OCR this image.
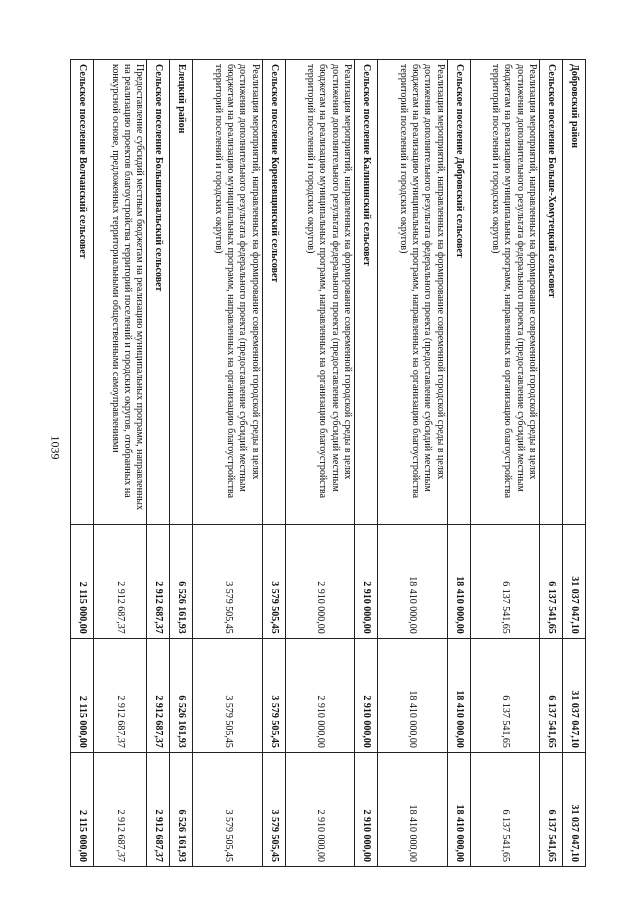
1039
Добровский район	31 037 047,10	31 037 047,10	31 037 047,10
Сельское поселение Больше-Хомутецкий сельсовет	6 137 541,65	6 137 541,65	6 137 541,65
Реализация мероприятий, направленных на формирование современной городской среды в целях достижения дополнительного результата федерального проекта (предоставление субсидий местным бюджетам на реализацию муниципальных программ, направленных на организацию благоустройства территорий поселений и городских округов)	6 137 541,65	6 137 541,65	6 137 541,65
Сельское поселение Добровский сельсовет	18 410 000,00	18 410 000,00	18 410 000,00
Реализация мероприятий, направленных на формирование современной городской среды в целях достижения дополнительного результата федерального проекта (предоставление субсидий местным бюджетам на реализацию муниципальных программ, направленных на организацию благоустройства территорий поселений и городских округов)	18 410 000,00	18 410 000,00	18 410 000,00
Сельское поселение Калининский сельсовет	2 910 000,00	2 910 000,00	2 910 000,00
Реализация мероприятий, направленных на формирование современной городской среды в целях достижения дополнительного результата федерального проекта (предоставление субсидий местным бюджетам на реализацию муниципальных программ, направленных на организацию благоустройства территорий поселений и городских округов)	2 910 000,00	2 910 000,00	2 910 000,00
Сельское поселение Кореневщинский сельсовет	3 579 505,45	3 579 505,45	3 579 505,45
Реализация мероприятий, направленных на формирование современной городской среды в целях достижения дополнительного результата федерального проекта (предоставление субсидий местным бюджетам на реализацию муниципальных программ, направленных на организацию благоустройства территорий поселений и городских округов)	3 579 505,45	3 579 505,45	3 579 505,45
Елецкий район	6 526 161,93	6 526 161,93	6 526 161,93
Сельское поселение Большеизвальский сельсовет	2 912 687,37	2 912 687,37	2 912 687,37
Предоставление субсидий местным бюджетам на реализацию муниципальных программ, направленных на реализацию проектов благоустройства территорий поселений и городских округов, отобранных на конкурсной основе, предложенных территориальными общественными самоуправлениями	2 912 687,37	2 912 687,37	2 912 687,37
Сельское поселение Волчанский сельсовет	2 115 000,00	2 115 000,00	2 115 000,00
